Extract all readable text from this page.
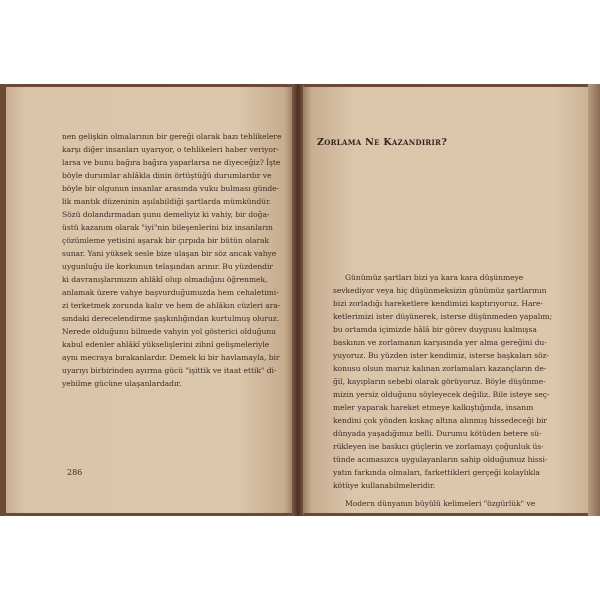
nen gelişkin olmalarının bir gereği olarak bazı tehlikelere
karşı diğer insanları uyarıyor, o tehlikeleri haber veriyor-
larsa ve bunu bağıra bağıra yaparlarsa ne diyeceğiz? İşte
böyle durumlar ahlâkla dinin örtüştüğü durumlardır ve
böyle bir olgunun insanlar arasında vuku bulması günde-
lik mantık düzeninin aşılabildiği şartlarda mümkündür.
Sözü dolandırmadan şunu demeliyiz ki vahiy, bir doğa-
üstü kazanım olarak "iyi"nin bileşenlerini biz insanların
çözümleme yetisini aşarak bir çırpıda bir bütün olarak
sunar. Yani yüksek sesle bize ulaşan bir söz ancak vahye
uygunluğu ile korkunun telaşından arınır. Bu yüzdendir
ki davranışlarımızın ahlâkî olup olmadığını öğrenmek,
anlamak üzere vahye başvurduğumuzda hem cehaletimi-
zi terketmek zorunda kalır ve hem de ahlâkın cüzleri ara-
sındaki derecelendirme şaşkınlığından kurtulmuş oluruz.
Nerede olduğunu bilmede vahyin yol gösterici olduğunu
kabul edenler ahlâkî yükselişlerini zihnî gelişmeleriyle
aynı mecraya bırakanlardır. Demek ki bir havlamayla, bir
uyarıyı birbirinden ayırma gücü "işittik ve itaat ettik" di-
yebilme gücüne ulaşanlardadır.
286
Zorlama Ne Kazandırır?
Günümüz şartları bizi ya kara kara düşünmeye
sevkediyor veya hiç düşünmeksizin günümüz şartlarının
bizi zorladığı hareketlere kendimizi kaptırıyoruz. Hare-
ketlerimizi ister düşünerek, isterse düşünmeden yapalım;
bu ortamda içimizde hâlâ bir görev duygusu kalmışsa
baskının ve zorlamanın karşısında yer alma gereğini du-
yuyoruz. Bu yüzden ister kendimiz, isterse başkaları söz-
konusu olsun maruz kalınan zorlamaları kazançların de-
ğil, kayıpların sebebi olarak görüyoruz. Böyle düşünme-
mizin yersiz olduğunu söyleyecek değiliz. Bile isteye seç-
meler yaparak hareket etmeye kalkıştığında, insanın
kendini çok yönden kıskaç altına alınmış hissedeceği bir
dünyada yaşadığımız belli. Durumu kötüden betere sü-
rükleyen ise baskıcı güçlerin ve zorlamayı çoğunluk üs-
tünde acımasızca uygulayanların sahip olduğumuz hissi-
yatın farkında olmaları, farkettikleri gerçeği kolaylıkla
kötüye kullanabilmeleridir.
Modern dünyanın büyülü kelimeleri "özgürlük" ve
